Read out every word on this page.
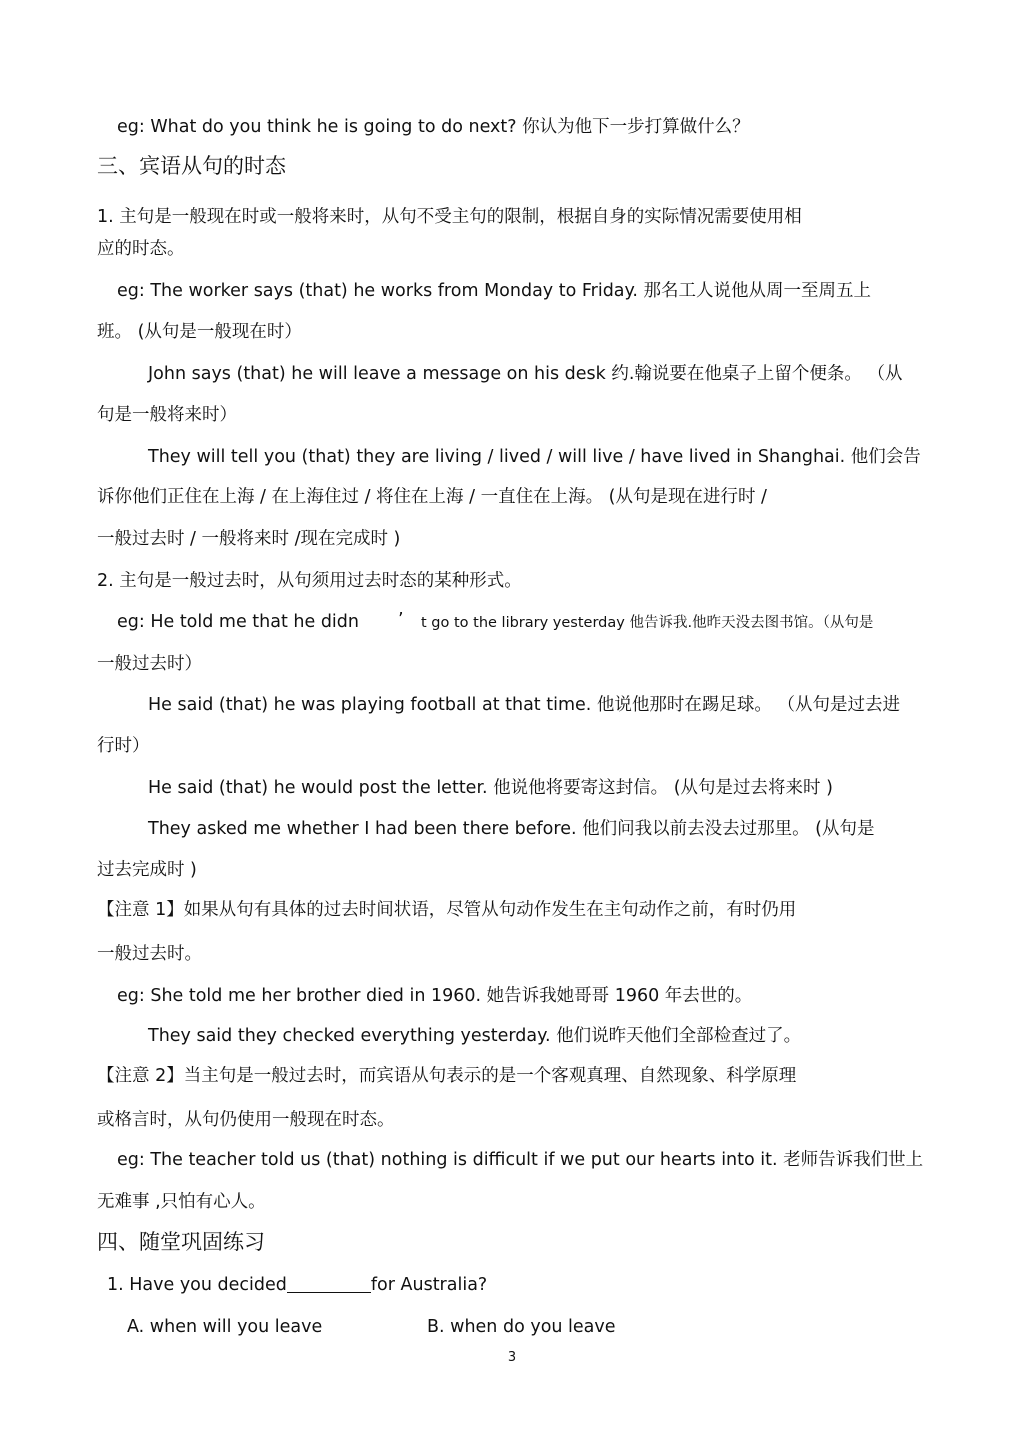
eg: What do you think he is going to do next? 你认为他下一步打算做什么？
三、宾语从句的时态
1. 主句是一般现在时或一般将来时，从句不受主句的限制，根据自身的实际情况需要使用相
应的时态。
eg: The worker says (that) he works from Monday to Friday. 那名工人说他从周一至周五上
班。 (从句是一般现在时）
John says (that) he will leave a message on his desk 约.翰说要在他桌子上留个便条。 （从
句是一般将来时）
They will tell you (that) they are living / lived / will live / have lived in Shanghai. 他们会告
诉你他们正住在上海 / 在上海住过 / 将住在上海 / 一直住在上海。 (从句是现在进行时 /
一般过去时 / 一般将来时 /现在完成时 )
2. 主句是一般过去时，从句须用过去时态的某种形式。
eg: He told me that he didn ’ t go to the library yesterday 他告诉我.他昨天没去图书馆。（从句是
一般过去时）
He said (that) he was playing football at that time. 他说他那时在踢足球。 （从句是过去进
行时）
He said (that) he would post the letter. 他说他将要寄这封信。 (从句是过去将来时 )
They asked me whether I had been there before. 他们问我以前去没去过那里。 (从句是
过去完成时 )
【注意 1】如果从句有具体的过去时间状语，尽管从句动作发生在主句动作之前，有时仍用
一般过去时。
eg: She told me her brother died in 1960. 她告诉我她哥哥 1960 年去世的。
They said they checked everything yesterday. 他们说昨天他们全部检查过了。
【注意 2】当主句是一般过去时，而宾语从句表示的是一个客观真理、自然现象、科学原理
或格言时，从句仍使用一般现在时态。
eg: The teacher told us (that) nothing is difficult if we put our hearts into it. 老师告诉我们世上
无难事 ,只怕有心人。
四、随堂巩固练习
1. Have you decided	for Australia?
A. when will you leave	B. when do you leave
3
